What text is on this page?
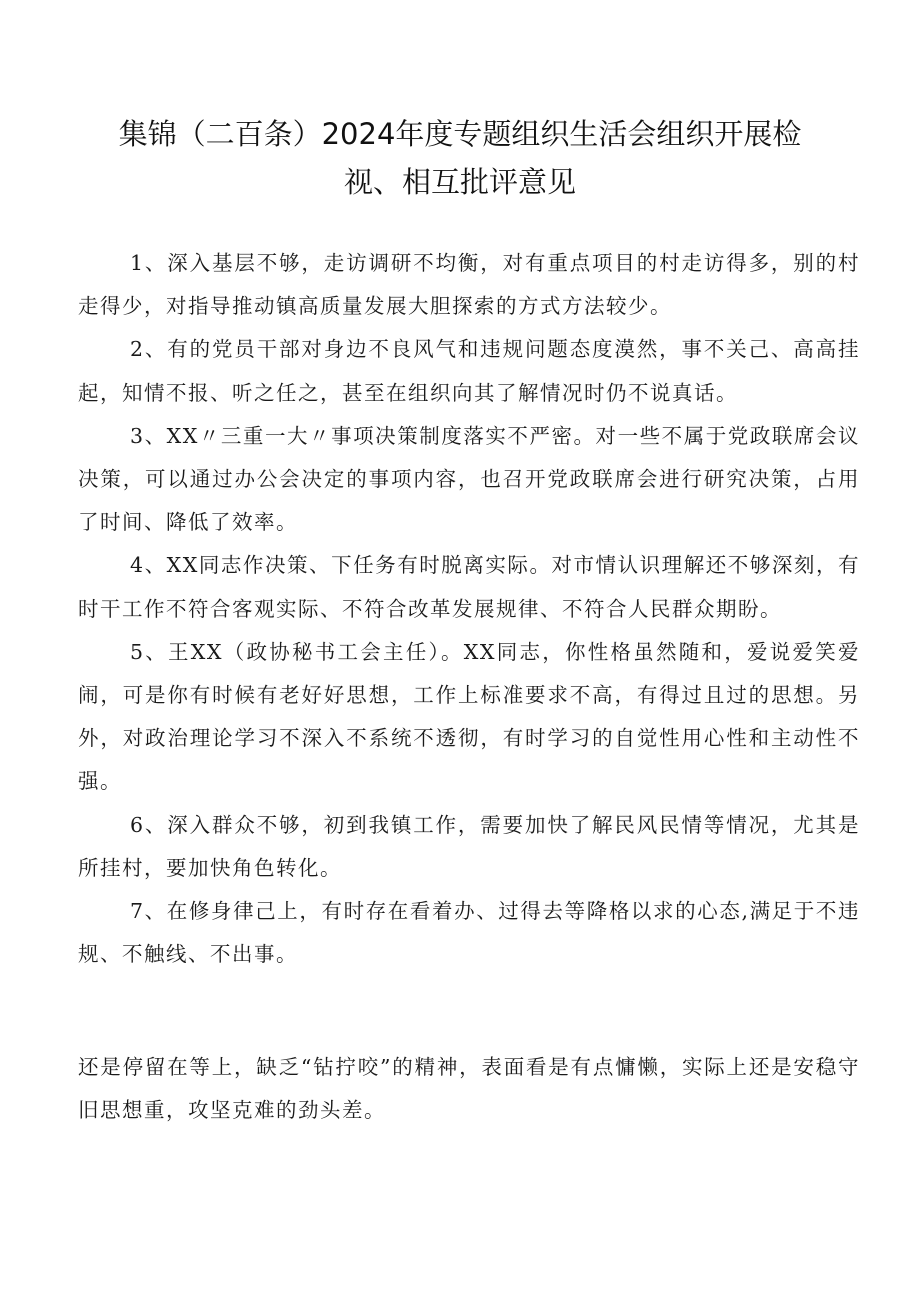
集锦（二百条）2024年度专题组织生活会组织开展检
视、相互批评意见

1、深入基层不够，走访调研不均衡，对有重点项目的村走访得多，别的村走得少，对指导推动镇高质量发展大胆探索的方式方法较少。

2、有的党员干部对身边不良风气和违规问题态度漠然，事不关己、高高挂起，知情不报、听之任之，甚至在组织向其了解情况时仍不说真话。

3、XX〃三重一大〃事项决策制度落实不严密。对一些不属于党政联席会议决策，可以通过办公会决定的事项内容，也召开党政联席会进行研究决策，占用了时间、降低了效率。

4、XX同志作决策、下任务有时脱离实际。对市情认识理解还不够深刻，有时干工作不符合客观实际、不符合改革发展规律、不符合人民群众期盼。

5、王XX（政协秘书工会主任）。XX同志，你性格虽然随和，爱说爱笑爱闹，可是你有时候有老好好思想，工作上标准要求不高，有得过且过的思想。另外，对政治理论学习不深入不系统不透彻，有时学习的自觉性用心性和主动性不强。

6、深入群众不够，初到我镇工作，需要加快了解民风民情等情况，尤其是所挂村，要加快角色转化。

7、在修身律己上，有时存在看着办、过得去等降格以求的心态,满足于不违规、不触线、不出事。

还是停留在等上，缺乏“钻拧咬”的精神，表面看是有点慵懒，实际上还是安稳守旧思想重，攻坚克难的劲头差。
